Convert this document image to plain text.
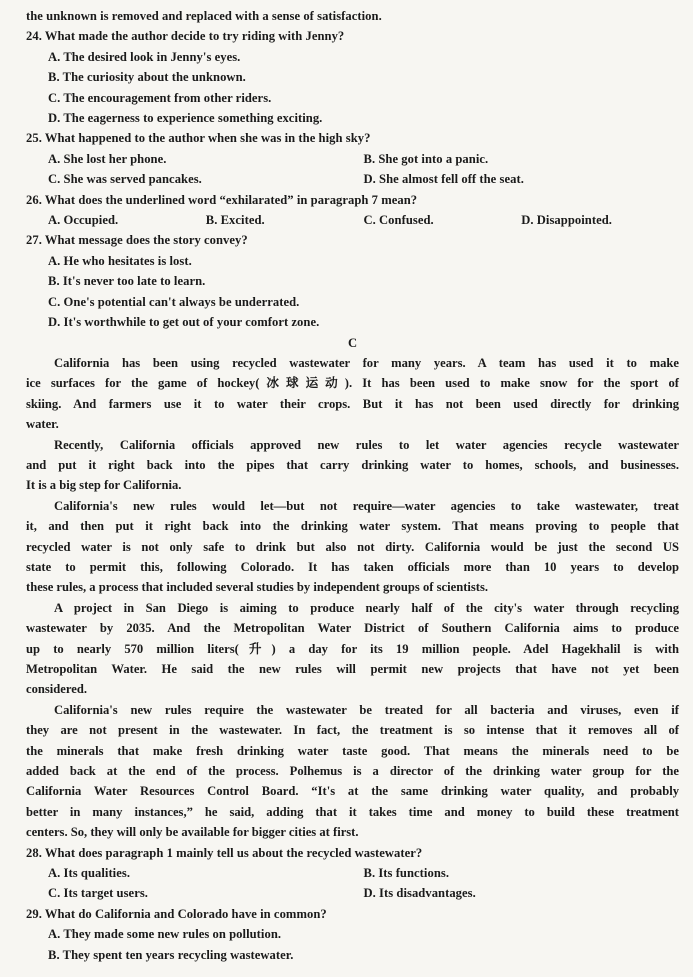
the unknown is removed and replaced with a sense of satisfaction.
24. What made the author decide to try riding with Jenny?
A. The desired look in Jenny's eyes.
B. The curiosity about the unknown.
C. The encouragement from other riders.
D. The eagerness to experience something exciting.
25. What happened to the author when she was in the high sky?
A. She lost her phone.	B. She got into a panic.
C. She was served pancakes.	D. She almost fell off the seat.
26. What does the underlined word “exhilarated” in paragraph 7 mean?
A. Occupied.	B. Excited.	C. Confused.	D. Disappointed.
27. What message does the story convey?
A. He who hesitates is lost.
B. It's never too late to learn.
C. One's potential can't always be underrated.
D. It's worthwhile to get out of your comfort zone.
C
California has been using recycled wastewater for many years. A team has used it to make
ice surfaces for the game of hockey(冰球运动). It has been used to make snow for the sport of
skiing. And farmers use it to water their crops. But it has not been used directly for drinking
water.
Recently, California officials approved new rules to let water agencies recycle wastewater
and put it right back into the pipes that carry drinking water to homes, schools, and businesses.
It is a big step for California.
California's new rules would let—but not require—water agencies to take wastewater, treat
it, and then put it right back into the drinking water system. That means proving to people that
recycled water is not only safe to drink but also not dirty. California would be just the second US
state to permit this, following Colorado. It has taken officials more than 10 years to develop
these rules, a process that included several studies by independent groups of scientists.
A project in San Diego is aiming to produce nearly half of the city's water through recycling
wastewater by 2035. And the Metropolitan Water District of Southern California aims to produce
up to nearly 570 million liters(升) a day for its 19 million people. Adel Hagekhalil is with
Metropolitan Water. He said the new rules will permit new projects that have not yet been
considered.
California's new rules require the wastewater be treated for all bacteria and viruses, even if
they are not present in the wastewater. In fact, the treatment is so intense that it removes all of
the minerals that make fresh drinking water taste good. That means the minerals need to be
added back at the end of the process. Polhemus is a director of the drinking water group for the
California Water Resources Control Board. “It's at the same drinking water quality, and probably
better in many instances,” he said, adding that it takes time and money to build these treatment
centers. So, they will only be available for bigger cities at first.
28. What does paragraph 1 mainly tell us about the recycled wastewater?
A. Its qualities.	B. Its functions.
C. Its target users.	D. Its disadvantages.
29. What do California and Colorado have in common?
A. They made some new rules on pollution.
B. They spent ten years recycling wastewater.
